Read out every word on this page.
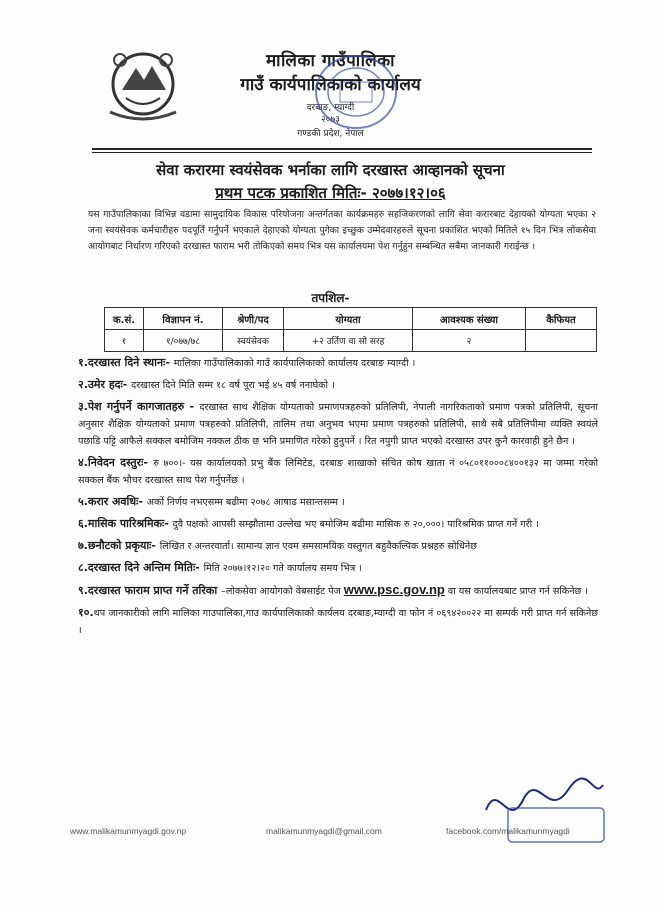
मालिका गाउँपालिका
गाउँ कार्यपालिकाको कार्यालय
दरबाङ, म्याग्दी
२०७३
गण्डकी प्रदेश, नेपाल
सेवा करारमा स्वयंसेवक भर्नाका लागि दरखास्त आव्हानको सूचना
प्रथम पटक प्रकाशित मितिः- २०७७।१२।०६
यस गाउँपालिकाका विभिन्न वडामा सामुदायिक विकास परियोजना अन्तर्गतका कार्यक्रमहरु सहजिकरणको लागि सेवा करारबाट देहायको योग्यता भएका २ जना स्वयंसेवक कर्मचारीहरु पदपूर्ति गर्नुपर्ने भएकाले देहाएको योग्यता पुगेका इच्छुक उम्मेदवारहरुले सूचना प्रकाशित भएको मितिले १५ दिन भित्र लोकसेवा आयोगबाट निर्धारण गरिएको दरखास्त फाराम भरी तोकिएको समय भित्र यस कार्यालयमा पेश गर्नुहुन सम्बन्धित सबैमा जानकारी गराईन्छ ।
तपशिल-
क.सं.	विज्ञापन नं.	श्रेणी/पद	योग्यता	आवश्यक संख्या	कैफियत
१	१/०७७/७८	स्वयंसेवक	+२ उर्तिण वा सो सरह	२	
१.दरखास्त दिने स्थानः- मालिका गाउँपालिकाको गाउँ कार्यपालिकाको कार्यालय दरबाङ म्याग्दी ।
२.उमेर हदः- दरखास्त दिने मिति सम्म १८ वर्ष पूरा भई ४५ वर्ष ननाघेको ।
३.पेश गर्नुपर्ने कागजातहरु - दरखास्त साथ शैक्षिक योग्यताको प्रमाणपत्रहरुको प्रतिलिपी, नेपाली नागरिकताको प्रमाण पत्रको प्रतिलिपी, सूचना अनुसार शैक्षिक योग्यताको प्रमाण पत्रहरुको प्रतिलिपी, तालिम तथा अनुभव भएमा प्रमाण पत्रहरुको प्रतिलिपी, साथै सबै प्रतिलिपीमा व्यक्ति स्वयंले पछाडि पट्टि आफैले सक्कल बमोजिम नक्कल ठीक छ भनि प्रमाणित गरेको हुनुपर्ने । रित नपुगी प्राप्त भएको दरखास्त उपर कुनै कारवाही हुने छैन ।
४.निवेदन दस्तुरः- रु ७००।- यस कार्यालयको प्रभु बैंक लिमिटेड, दरबाङ शाखाको संचित कोष खाता नं ०५८०११०००८४००१३२ मा जम्मा गरेको सक्कल बैंक भौचर दरखास्त साथ पेश गर्नुपर्नेछ ।
५.करार अवधिः- अर्को निर्णय नभएसम्म बढीमा २०७८ आषाढ मसान्तसम्म ।
६.मासिक पारिश्रमिकः- दुवै पक्षको आपसी सम्झौतामा उल्लेख भए बमोजिम बढीमा मासिक रु २०,०००। पारिश्रमिक प्राप्त गर्ने गरी ।
७.छनौटको प्रकृयाः- लिखित र अन्तरवार्ता। सामान्य ज्ञान एवम समसामयिक वस्तुगत बहुवैकल्पिक प्रश्नहरु सोधिनेछ
८.दरखास्त दिने अन्तिम मितिः- मिति २०७७।१२।२० गते कार्यालय समय भित्र ।
९.दरखास्त फाराम प्राप्त गर्ने तरिका –लोकसेवा आयोगको वेबसाईट पेज www.psc.gov.np वा यस कार्यालयबाट प्राप्त गर्न सकिनेछ ।
१०.थप जानकारीको लागि मालिका गाउपालिका,गाउ कार्यपालिकाको कार्यलय दरबाङ,म्याग्दी वा फोन नं ०६९४२००२२ मा सम्पर्क गरी प्राप्त गर्न सकिनेछ ।
www.malikamunmyagdi.gov.np	malikamunmyagdi@gmail.com	facebook.com/malikamunmyagdi
